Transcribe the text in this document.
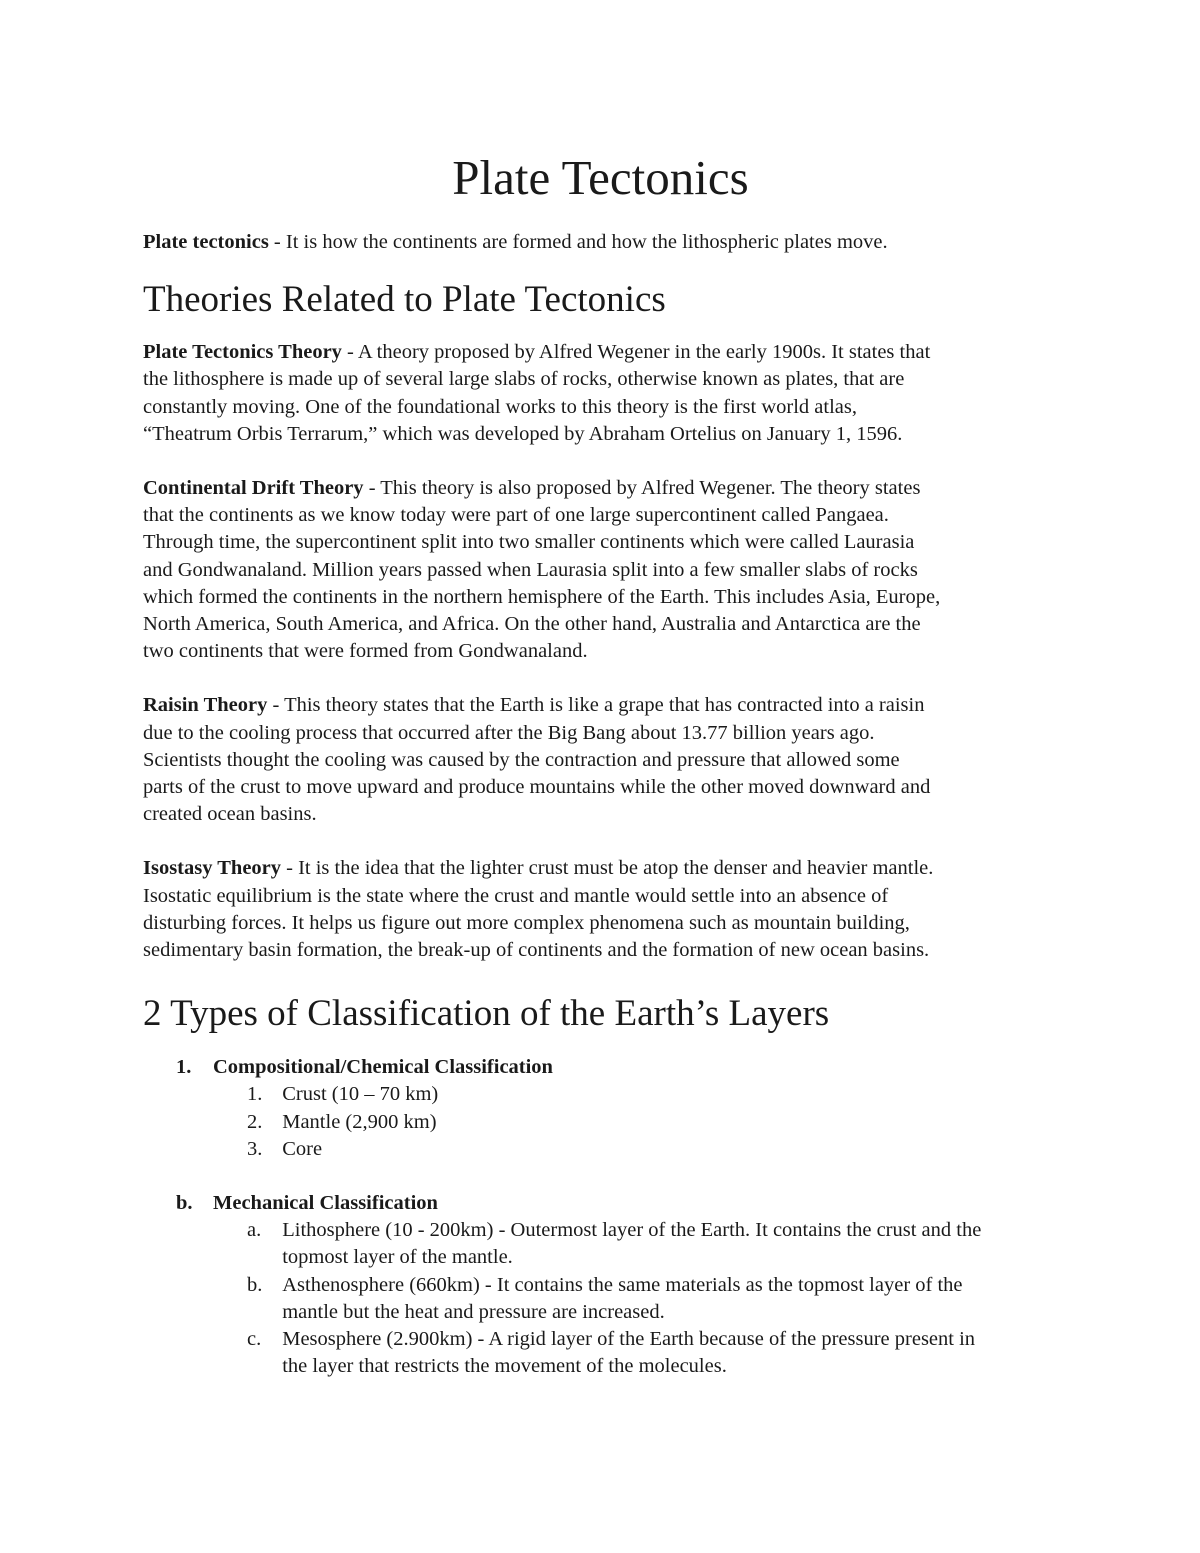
Plate Tectonics

Plate tectonics - It is how the continents are formed and how the lithospheric plates move.

Theories Related to Plate Tectonics

Plate Tectonics Theory - A theory proposed by Alfred Wegener in the early 1900s. It states that
the lithosphere is made up of several large slabs of rocks, otherwise known as plates, that are
constantly moving. One of the foundational works to this theory is the first world atlas,
“Theatrum Orbis Terrarum,” which was developed by Abraham Ortelius on January 1, 1596.

Continental Drift Theory - This theory is also proposed by Alfred Wegener. The theory states
that the continents as we know today were part of one large supercontinent called Pangaea.
Through time, the supercontinent split into two smaller continents which were called Laurasia
and Gondwanaland. Million years passed when Laurasia split into a few smaller slabs of rocks
which formed the continents in the northern hemisphere of the Earth. This includes Asia, Europe,
North America, South America, and Africa. On the other hand, Australia and Antarctica are the
two continents that were formed from Gondwanaland.

Raisin Theory - This theory states that the Earth is like a grape that has contracted into a raisin
due to the cooling process that occurred after the Big Bang about 13.77 billion years ago.
Scientists thought the cooling was caused by the contraction and pressure that allowed some
parts of the crust to move upward and produce mountains while the other moved downward and
created ocean basins.

Isostasy Theory - It is the idea that the lighter crust must be atop the denser and heavier mantle.
Isostatic equilibrium is the state where the crust and mantle would settle into an absence of
disturbing forces. It helps us figure out more complex phenomena such as mountain building,
sedimentary basin formation, the break-up of continents and the formation of new ocean basins.

2 Types of Classification of the Earth’s Layers
1.	Compositional/Chemical Classification
1. Crust (10 – 70 km)
2. Mantle (2,900 km)
3. Core
b. Mechanical Classification
a.	Lithosphere (10 - 200km) - Outermost layer of the Earth. It contains the crust and the
topmost layer of the mantle.
b. Asthenosphere (660km) - It contains the same materials as the topmost layer of the
mantle but the heat and pressure are increased.
c.	Mesosphere (2.900km) - A rigid layer of the Earth because of the pressure present in
the layer that restricts the movement of the molecules.
